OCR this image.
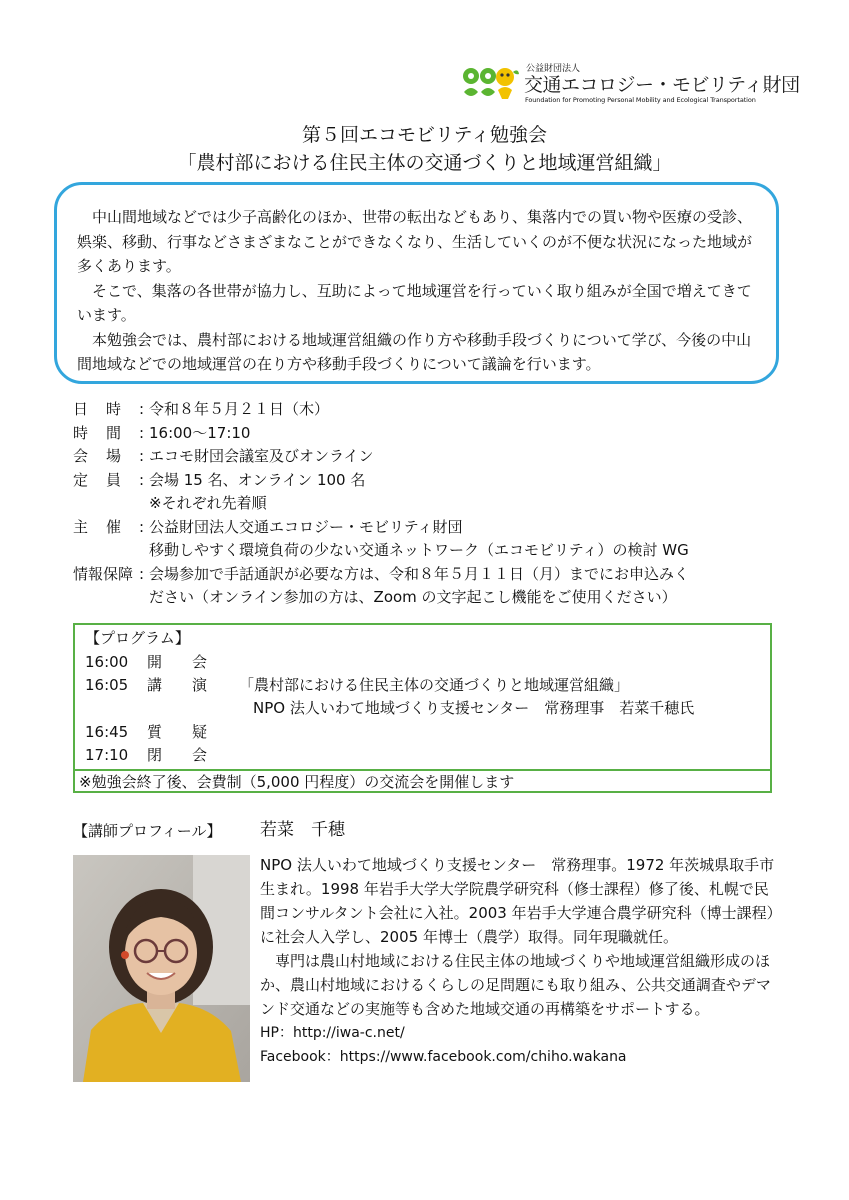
公益財団法人
交通エコロジー・モビリティ財団
Foundation for Promoting Personal Mobility and Ecological Transportation
第５回エコモビリティ勉強会
「農村部における住民主体の交通づくりと地域運営組織」

中山間地域などでは少子高齢化のほか、世帯の転出などもあり、集落内での買い物や医療の受診、娯楽、移動、行事などさまざまなことができなくなり、生活していくのが不便な状況になった地域が多くあります。

そこで、集落の各世帯が協力し、互助によって地域運営を行っていく取り組みが全国で増えてきています。

本勉強会では、農村部における地域運営組織の作り方や移動手段づくりについて学び、今後の中山間地域などでの地域運営の在り方や移動手段づくりについて議論を行います。

日 時 : 令和８年５月２１日（木）
時 間 : 16:00～17:10
会 場 : エコモ財団会議室及びオンライン
定 員 : 会場 15 名、オンライン 100 名
※それぞれ先着順
主 催 : 公益財団法人交通エコロジー・モビリティ財団
移動しやすく環境負荷の少ない交通ネットワーク（エコモビリティ）の検討 WG
情報保障 : 会場参加で手話通訳が必要な方は、令和８年５月１１日（月）までにお申込みく
ださい（オンライン参加の方は、Zoom の文字起こし機能をご使用ください）
【プログラム】
16:00 開　　会
16:05 講　　演 「農村部における住民主体の交通づくりと地域運営組織」
NPO 法人いわて地域づくり支援センター　常務理事　若菜千穂氏
16:45 質　　疑
17:10 閉　　会
※勉強会終了後、会費制（5,000 円程度）の交流会を開催します
【講師プロフィール】 若菜　千穂

NPO 法人いわて地域づくり支援センター　常務理事。1972 年茨城県取手市生まれ。1998 年岩手大学大学院農学研究科（修士課程）修了後、札幌で民間コンサルタント会社に入社。2003 年岩手大学連合農学研究科（博士課程）に社会人入学し、2005 年博士（農学）取得。同年現職就任。

専門は農山村地域における住民主体の地域づくりや地域運営組織形成のほか、農山村地域におけるくらしの足問題にも取り組み、公共交通調査やデマンド交通などの実施等も含めた地域交通の再構築をサポートする。

HP：http://iwa-c.net/

Facebook：https://www.facebook.com/chiho.wakana
